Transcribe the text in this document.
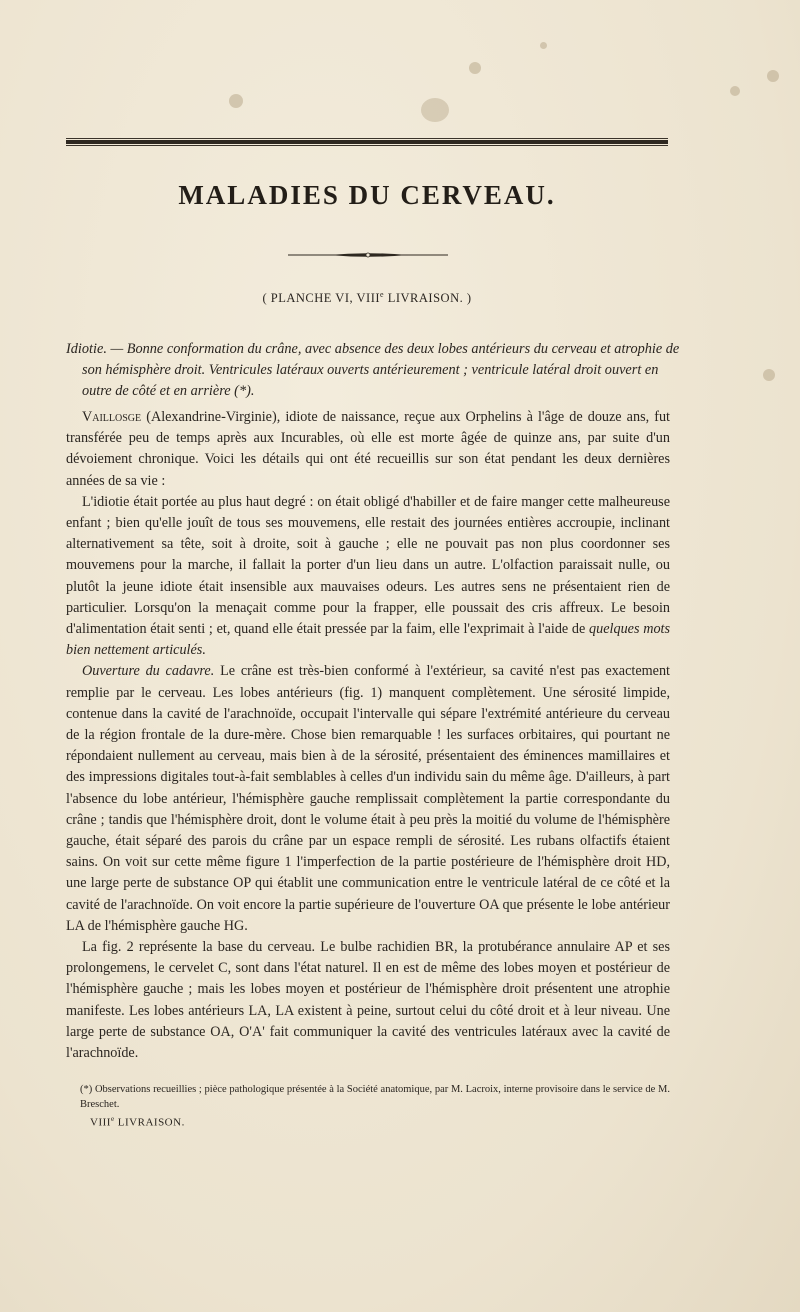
MALADIES DU CERVEAU.
( PLANCHE VI, VIIIe LIVRAISON. )
Idiotie. — Bonne conformation du crâne, avec absence des deux lobes antérieurs du cerveau et atrophie de son hémisphère droit. Ventricules latéraux ouverts antérieurement ; ventricule latéral droit ouvert en outre de côté et en arrière (*).

Vaillosge (Alexandrine-Virginie), idiote de naissance, reçue aux Orphelins à l'âge de douze ans, fut transférée peu de temps après aux Incurables, où elle est morte âgée de quinze ans, par suite d'un dévoiement chronique. Voici les détails qui ont été recueillis sur son état pendant les deux dernières années de sa vie :

L'idiotie était portée au plus haut degré : on était obligé d'habiller et de faire manger cette malheureuse enfant ; bien qu'elle jouît de tous ses mouvemens, elle restait des journées entières accroupie, inclinant alternativement sa tête, soit à droite, soit à gauche ; elle ne pouvait pas non plus coordonner ses mouvemens pour la marche, il fallait la porter d'un lieu dans un autre. L'olfaction paraissait nulle, ou plutôt la jeune idiote était insensible aux mauvaises odeurs. Les autres sens ne présentaient rien de particulier. Lorsqu'on la menaçait comme pour la frapper, elle poussait des cris affreux. Le besoin d'alimentation était senti ; et, quand elle était pressée par la faim, elle l'exprimait à l'aide de quelques mots bien nettement articulés.

Ouverture du cadavre. Le crâne est très-bien conformé à l'extérieur, sa cavité n'est pas exactement remplie par le cerveau. Les lobes antérieurs (fig. 1) manquent complètement. Une sérosité limpide, contenue dans la cavité de l'arachnoïde, occupait l'intervalle qui sépare l'extrémité antérieure du cerveau de la région frontale de la dure-mère. Chose bien remarquable ! les surfaces orbitaires, qui pourtant ne répondaient nullement au cerveau, mais bien à de la sérosité, présentaient des éminences mamillaires et des impressions digitales tout-à-fait semblables à celles d'un individu sain du même âge. D'ailleurs, à part l'absence du lobe antérieur, l'hémisphère gauche remplissait complètement la partie correspondante du crâne ; tandis que l'hémisphère droit, dont le volume était à peu près la moitié du volume de l'hémisphère gauche, était séparé des parois du crâne par un espace rempli de sérosité. Les rubans olfactifs étaient sains. On voit sur cette même figure 1 l'imperfection de la partie postérieure de l'hémisphère droit HD, une large perte de substance OP qui établit une communication entre le ventricule latéral de ce côté et la cavité de l'arachnoïde. On voit encore la partie supérieure de l'ouverture OA que présente le lobe antérieur LA de l'hémisphère gauche HG.

La fig. 2 représente la base du cerveau. Le bulbe rachidien BR, la protubérance annulaire AP et ses prolongemens, le cervelet C, sont dans l'état naturel. Il en est de même des lobes moyen et postérieur de l'hémisphère gauche ; mais les lobes moyen et postérieur de l'hémisphère droit présentent une atrophie manifeste. Les lobes antérieurs LA, LA existent à peine, surtout celui du côté droit et à leur niveau. Une large perte de substance OA, O'A' fait communiquer la cavité des ventricules latéraux avec la cavité de l'arachnoïde.

(*) Observations recueillies ; pièce pathologique présentée à la Société anatomique, par M. Lacroix, interne provisoire dans le service de M. Breschet.
VIIIe LIVRAISON.
